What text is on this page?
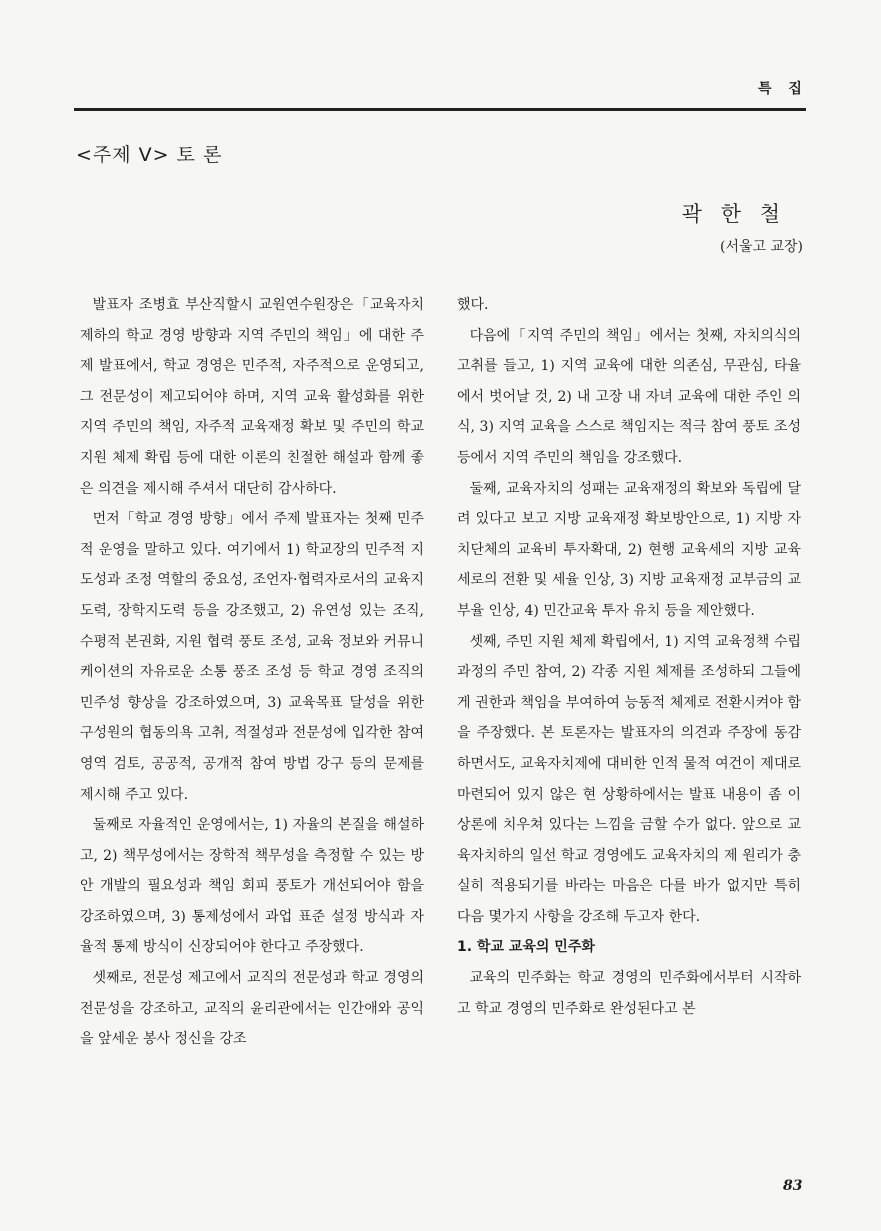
특 집
<주제 V> 토 론
곽 한 철
(서울고 교장)

발표자 조병효 부산직할시 교원연수원장은「교육자치제하의 학교 경영 방향과 지역 주민의 책임」에 대한 주제 발표에서, 학교 경영은 민주적, 자주적으로 운영되고, 그 전문성이 제고되어야 하며, 지역 교육 활성화를 위한 지역 주민의 책임, 자주적 교육재정 확보 및 주민의 학교 지원 체제 확립 등에 대한 이론의 친절한 해설과 함께 좋은 의견을 제시해 주셔서 대단히 감사하다.

먼저「학교 경영 방향」에서 주제 발표자는 첫째 민주적 운영을 말하고 있다. 여기에서 1) 학교장의 민주적 지도성과 조정 역할의 중요성, 조언자·협력자로서의 교육지도력, 장학지도력 등을 강조했고, 2) 유연성 있는 조직, 수평적 본권화, 지원 협력 풍토 조성, 교육 정보와 커뮤니케이션의 자유로운 소통 풍조 조성 등 학교 경영 조직의 민주성 향상을 강조하였으며, 3) 교육목표 달성을 위한 구성원의 협동의욕 고취, 적절성과 전문성에 입각한 참여 영역 검토, 공공적, 공개적 참여 방법 강구 등의 문제를 제시해 주고 있다.

둘째로 자율적인 운영에서는, 1) 자율의 본질을 해설하고, 2) 책무성에서는 장학적 책무성을 측정할 수 있는 방안 개발의 필요성과 책임 회피 풍토가 개선되어야 함을 강조하였으며, 3) 통제성에서 과업 표준 설정 방식과 자율적 통제 방식이 신장되어야 한다고 주장했다.

셋째로, 전문성 제고에서 교직의 전문성과 학교 경영의 전문성을 강조하고, 교직의 윤리관에서는 인간애와 공익을 앞세운 봉사 정신을 강조

했다.

다음에「지역 주민의 책임」에서는 첫째, 자치의식의 고취를 들고, 1) 지역 교육에 대한 의존심, 무관심, 타율에서 벗어날 것, 2) 내 고장 내 자녀 교육에 대한 주인 의식, 3) 지역 교육을 스스로 책임지는 적극 참여 풍토 조성 등에서 지역 주민의 책임을 강조했다.

둘째, 교육자치의 성패는 교육재정의 확보와 독립에 달려 있다고 보고 지방 교육재정 확보방안으로, 1) 지방 자치단체의 교육비 투자확대, 2) 현행 교육세의 지방 교육세로의 전환 및 세율 인상, 3) 지방 교육재정 교부금의 교부율 인상, 4) 민간교육 투자 유치 등을 제안했다.

셋째, 주민 지원 체제 확립에서, 1) 지역 교육정책 수립 과정의 주민 참여, 2) 각종 지원 체제를 조성하되 그들에게 권한과 책임을 부여하여 능동적 체제로 전환시켜야 함을 주장했다. 본 토론자는 발표자의 의견과 주장에 동감하면서도, 교육자치제에 대비한 인적 물적 여건이 제대로 마련되어 있지 않은 현 상황하에서는 발표 내용이 좀 이상론에 치우쳐 있다는 느낌을 금할 수가 없다. 앞으로 교육자치하의 일선 학교 경영에도 교육자치의 제 원리가 충실히 적용되기를 바라는 마음은 다를 바가 없지만 특히 다음 몇가지 사항을 강조해 두고자 한다.

1. 학교 교육의 민주화

교육의 민주화는 학교 경영의 민주화에서부터 시작하고 학교 경영의 민주화로 완성된다고 본

83
